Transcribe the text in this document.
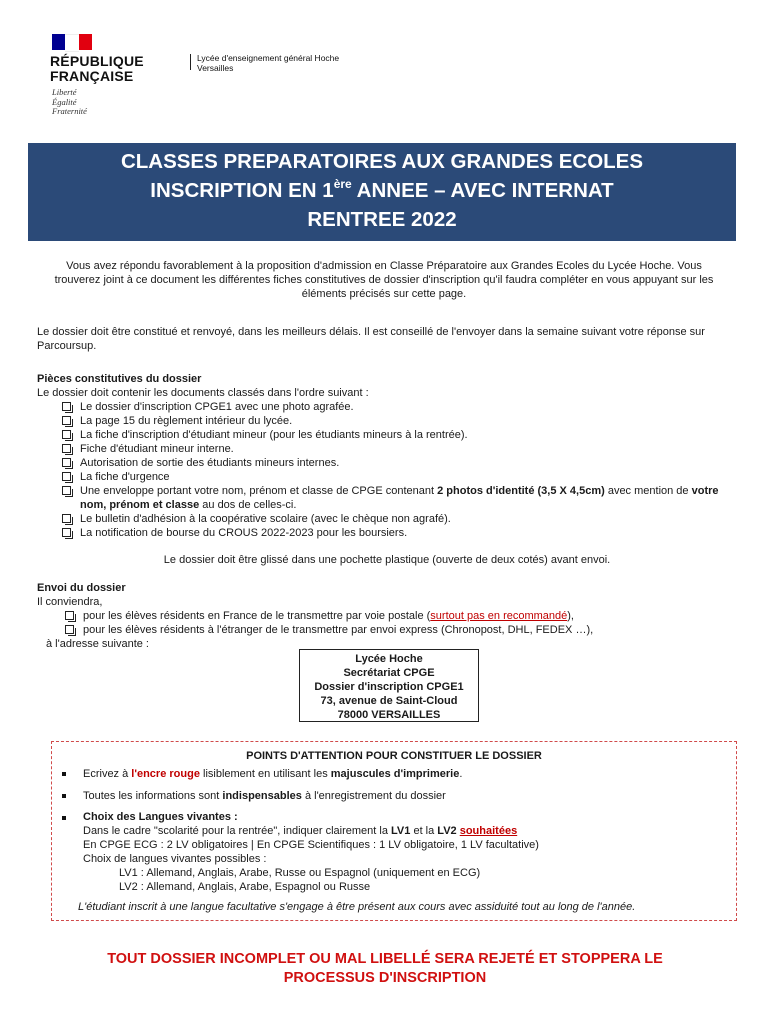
RÉPUBLIQUE
FRANÇAISE
Liberté
Égalité
Fraternité
Lycée d'enseignement général Hoche
Versailles
CLASSES PREPARATOIRES AUX GRANDES ECOLES
INSCRIPTION EN 1ère ANNEE – AVEC INTERNAT
RENTREE 2022
Vous avez répondu favorablement à la proposition d'admission en Classe Préparatoire aux Grandes Ecoles du Lycée Hoche. Vous trouverez joint à ce document les différentes fiches constitutives de dossier d'inscription qu'il faudra compléter en vous appuyant sur les éléments précisés sur cette page.
Le dossier doit être constitué et renvoyé, dans les meilleurs délais. Il est conseillé de l'envoyer dans la semaine suivant votre réponse sur Parcoursup.
Pièces constitutives du dossier
Le dossier doit contenir les documents classés dans l'ordre suivant :
Le dossier d'inscription CPGE1 avec une photo agrafée.
La page 15 du règlement intérieur du lycée.
La fiche d'inscription d'étudiant mineur (pour les étudiants mineurs à la rentrée).
Fiche d'étudiant mineur interne.
Autorisation de sortie des étudiants mineurs internes.
La fiche d'urgence
Une enveloppe portant votre nom, prénom et classe de CPGE contenant 2 photos d'identité (3,5 X 4,5cm) avec mention de votre nom, prénom et classe au dos de celles-ci.
Le bulletin d'adhésion à la coopérative scolaire (avec le chèque non agrafé).
La notification de bourse du CROUS 2022-2023 pour les boursiers.
Le dossier doit être glissé dans une pochette plastique (ouverte de deux cotés) avant envoi.
Envoi du dossier
Il conviendra,
pour les élèves résidents en France de le transmettre par voie postale (surtout pas en recommandé),
pour les élèves résidents à l'étranger de le transmettre par envoi express (Chronopost, DHL, FEDEX …),
à l'adresse suivante :
Lycée Hoche
Secrétariat CPGE
Dossier d'inscription CPGE1
73, avenue de Saint-Cloud
78000 VERSAILLES
POINTS D'ATTENTION POUR CONSTITUER LE DOSSIER
Ecrivez à l'encre rouge lisiblement en utilisant les majuscules d'imprimerie.
Toutes les informations sont indispensables à l'enregistrement du dossier
Choix des Langues vivantes :
Dans le cadre "scolarité pour la rentrée", indiquer clairement la LV1 et la LV2 souhaitées
En CPGE ECG : 2 LV obligatoires | En CPGE Scientifiques : 1 LV obligatoire, 1 LV facultative)
Choix de langues vivantes possibles :
LV1 : Allemand, Anglais, Arabe, Russe ou Espagnol (uniquement en ECG)
LV2 : Allemand, Anglais, Arabe, Espagnol ou Russe
L'étudiant inscrit à une langue facultative s'engage à être présent aux cours avec assiduité tout au long de l'année.
TOUT DOSSIER INCOMPLET OU MAL LIBELLÉ SERA REJETÉ ET STOPPERA LE
PROCESSUS D'INSCRIPTION
